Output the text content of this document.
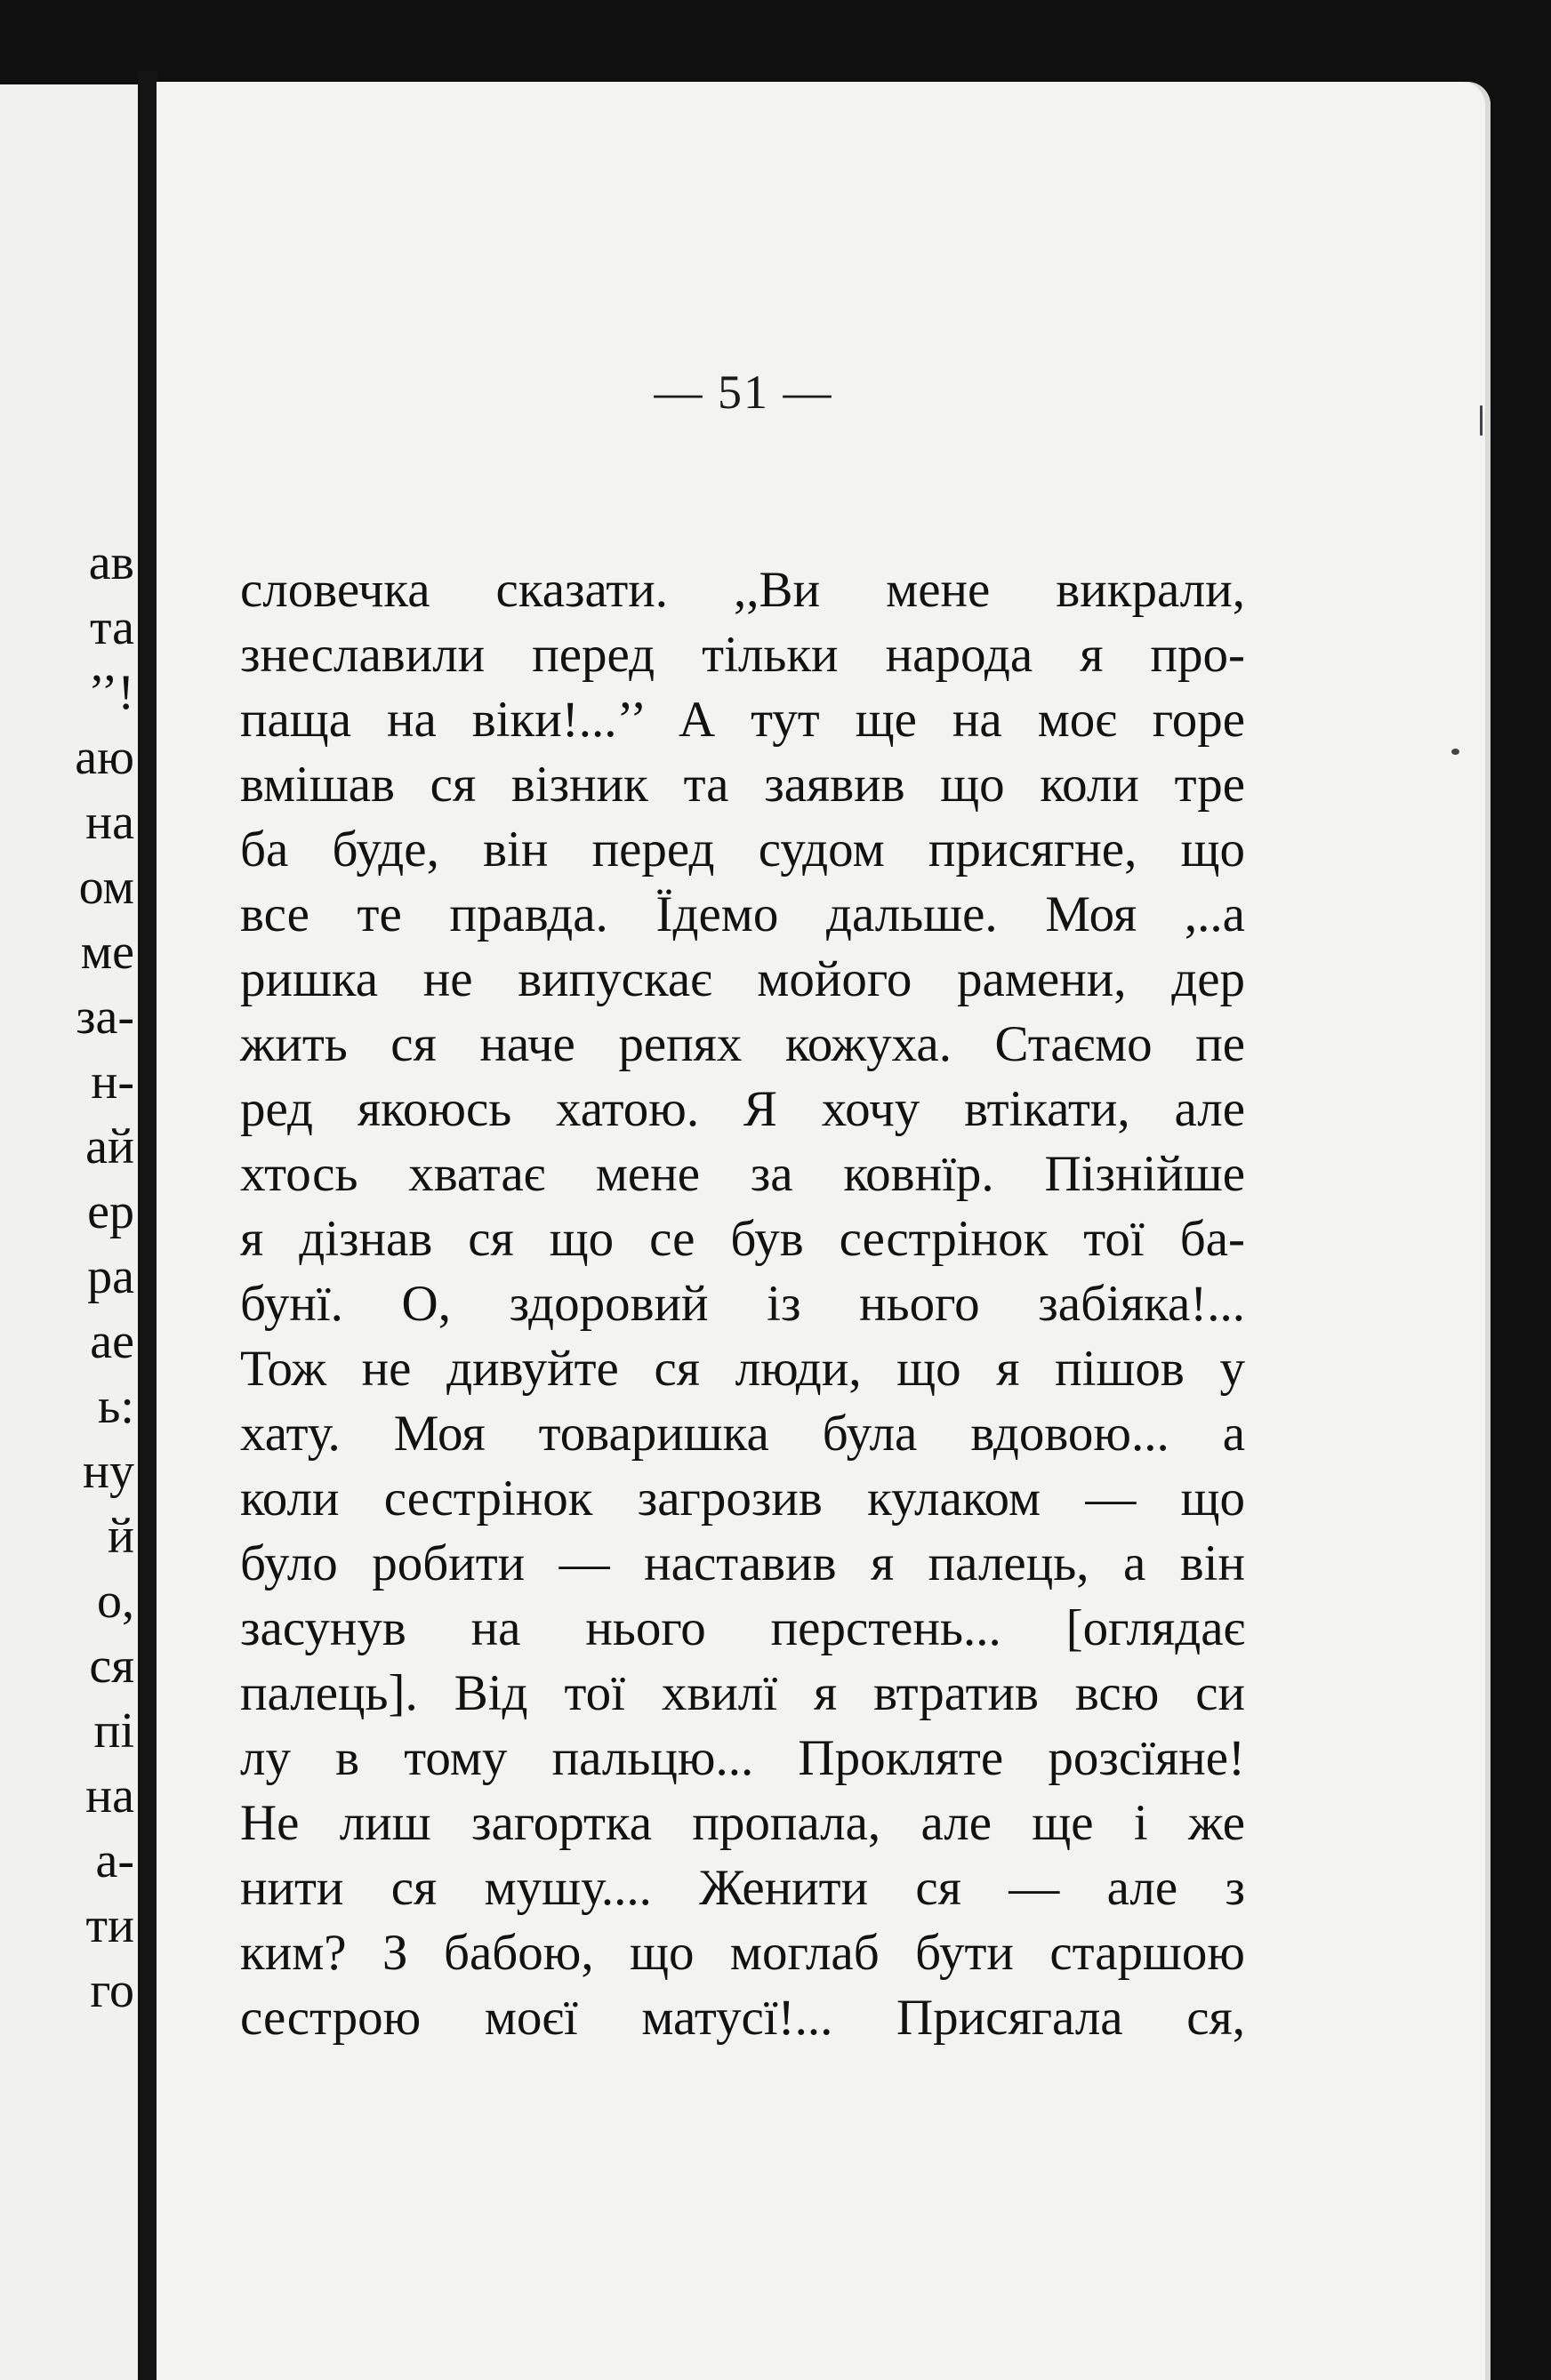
ав
та
’’!
аю
на
ом
ме
за-
н-
ай
ер
ра
ае
ь:
ну
й
о,
ся
пі
на
а-
ти
го
— 51 —
словечка сказати. ,,Ви мене викрали,
знеславили перед тільки народа я про-
паща на віки!...’’ А тут ще на моє горе
вмішав ся візник та заявив що коли тре
ба буде, він перед судом присягне, що
все те правда. Їдемо дальше. Моя ,..а
ришка не випускає мойого рамени, дер
жить ся наче репях кожуха. Стаємо пе
ред якоюсь хатою. Я хочу втікати, але
хтось хватає мене за ковнїр. Пізнійше
я дізнав ся що се був сестрінок тої ба-
бунї. О, здоровий із нього забіяка!...
Тож не дивуйте ся люди, що я пішов у
хату. Моя товаришка була вдовою... а
коли сестрінок загрозив кулаком — що
було робити — наставив я палець, а він
засунув на нього перстень... [оглядає
палець]. Від тої хвилї я втратив всю си
лу в тому пальцю... Прокляте розсїяне!
Не лиш загортка пропала, але ще і же
нити ся мушу.... Женити ся — але з
ким? З бабою, що моглаб бути старшою
сестрою моєї матусї!... Присягала ся,
